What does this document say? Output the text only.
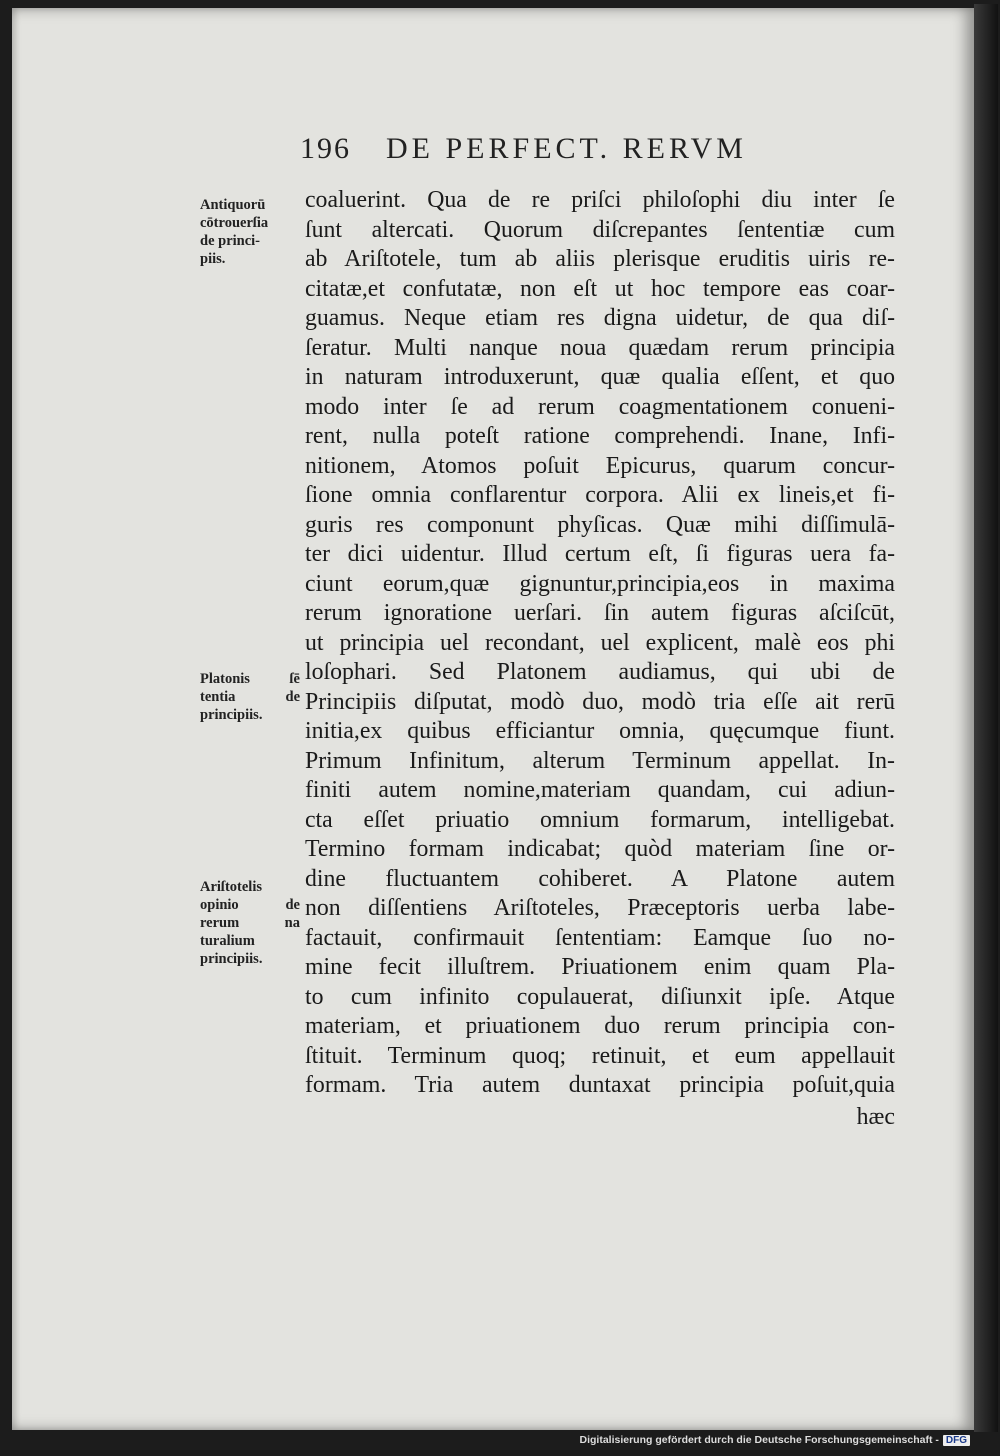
196 DE PERFECT. RERVM
Antiquorū
cōtrouerſia
de princi-
piis.
Platonis ſē
tentia de
principiis.
Ariſtotelis
opinio de
rerum na
turalium
principiis.
coaluerint. Qua de re priſci philoſophi diu inter ſe
ſunt altercati. Quorum diſcrepantes ſententiæ cum
ab Ariſtotele, tum ab aliis plerisque eruditis uiris re-
citatæ,et confutatæ, non eſt ut hoc tempore eas coar-
guamus. Neque etiam res digna uidetur, de qua diſ-
ſeratur. Multi nanque noua quædam rerum principia
in naturam introduxerunt, quæ qualia eſſent, et quo
modo inter ſe ad rerum coagmentationem conueni-
rent, nulla poteſt ratione comprehendi. Inane, Infi-
nitionem, Atomos poſuit Epicurus, quarum concur-
ſione omnia conflarentur corpora. Alii ex lineis,et fi-
guris res componunt phyſicas. Quæ mihi diſſimulā-
ter dici uidentur. Illud certum eſt, ſi figuras uera fa-
ciunt eorum,quæ gignuntur,principia,eos in maxima
rerum ignoratione uerſari. ſin autem figuras aſciſcūt,
ut principia uel recondant, uel explicent, malè eos phi
loſophari. Sed Platonem audiamus, qui ubi de
Principiis diſputat, modò duo, modò tria eſſe ait rerū
initia,ex quibus efficiantur omnia, quęcumque fiunt.
Primum Infinitum, alterum Terminum appellat. In-
finiti autem nomine,materiam quandam, cui adiun-
cta eſſet priuatio omnium formarum, intelligebat.
Termino formam indicabat; quòd materiam ſine or-
dine fluctuantem cohiberet. A Platone autem
non diſſentiens Ariſtoteles, Præceptoris uerba labe-
factauit, confirmauit ſententiam: Eamque ſuo no-
mine fecit illuſtrem. Priuationem enim quam Pla-
to cum infinito copulauerat, diſiunxit ipſe. Atque
materiam, et priuationem duo rerum principia con-
ſtituit. Terminum quoq; retinuit, et eum appellauit
formam. Tria autem duntaxat principia poſuit,quia
hæc
Digitalisierung gefördert durch die Deutsche Forschungsgemeinschaft - DFG
